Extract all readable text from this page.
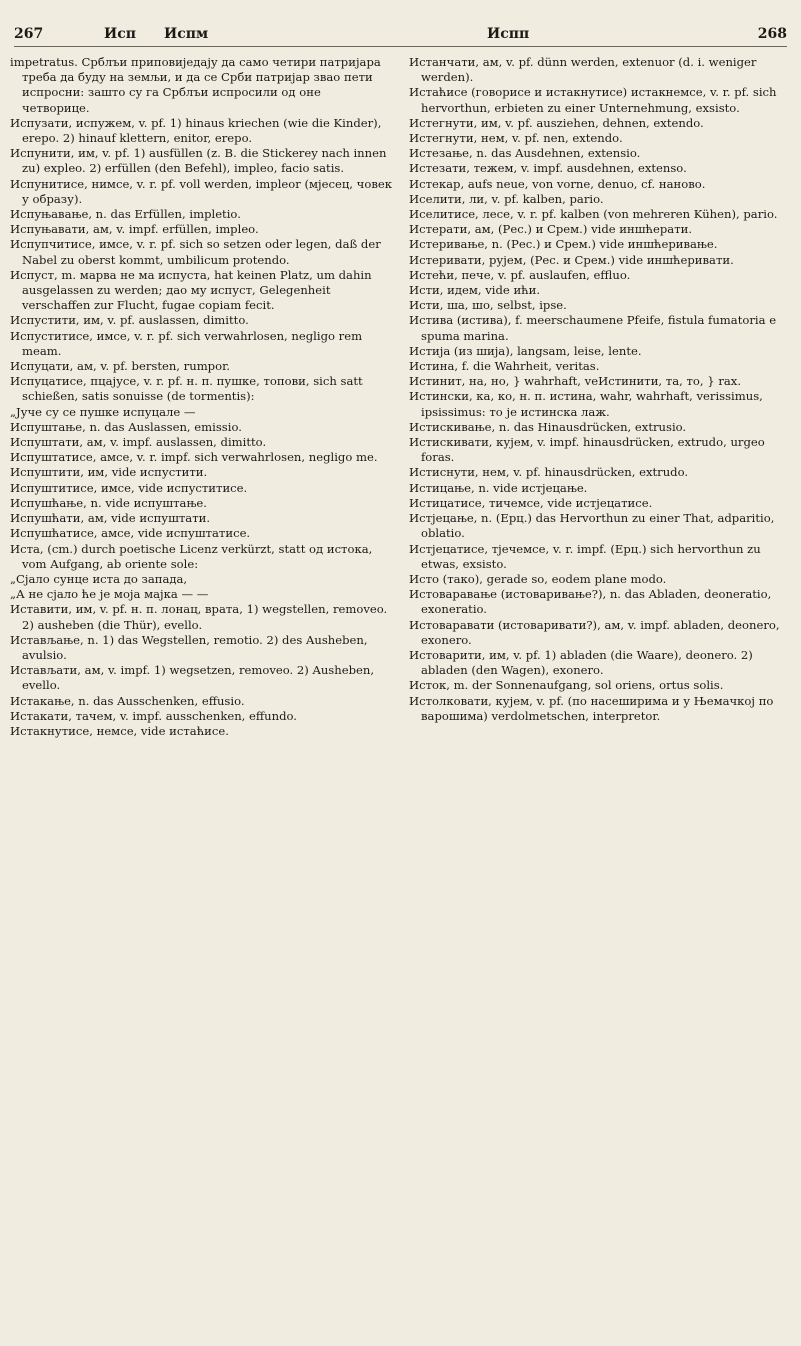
267	Исп Испм	Испп	268

impetratus. Срблъи припoвиједају да само четири патријара треба да буду на земљи, и да се Срби патријар звао пети испросни: зашто су га Срблъи испросили од оне четворице.

Испузати, испужем, v. pf. 1) hinaus kriechen (wie die Kinder), erepo. 2) hinauf klettern, enitor, erepo.

Испунити, им, v. pf. 1) ausfüllen (z. B. die Stickerey nach innen zu) expleo. 2) erfüllen (den Befehl), impleo, facio satis.

Испунитисе, нимсе, v. r. pf. voll werden, impleor (мјесец, човек у образу).

Испуњавање, n. das Erfüllen, impletio.

Испуњавати, ам, v. impf. erfüllen, impleo.

Испупчитисе, имсе, v. r. pf. sich so setzen oder legen, daß der Nabel zu oberst kommt, umbilicum protendo.

Испуст, m. марва не ма испуста, hat keinen Platz, um dahin ausgelassen zu werden; дао му испуст, Gelegenheit verschaffen zur Flucht, fugae copiam fecit.

Испустити, им, v. pf. auslassen, dimitto.

Испуститисе, имсе, v. r. pf. sich verwahrlosen, negligo rem meam.

Испуцати, ам, v. pf. bersten, rumpor.

Испуцатисе, пцајусе, v. r. pf. н. п. пушке, топови, sich satt schießen, satis sonuisse (de tormentis):

„Јуче су се пушке испуцале —

Испуштање, n. das Auslassen, emissio.

Испуштати, ам, v. impf. auslassen, dimitto.

Испуштатисе, амсе, v. r. impf. sich verwahrlosen, negligo me.

Испуштити, им, vide испустити.

Испуштитисе, имсе, vide испуститисе.

Испушћање, n. vide испуштање.

Испушћати, ам, vide испуштати.

Испушћатисе, амсе, vide испуштатисе.

Иста, (cm.) durch poetische Licenz verkürzt, statt од истока, vom Aufgang, ab oriente sole:

„Сјало сунце иста до запада,

„А не сјало ће је моја мајка — —

Иставити, им, v. pf. н. п. лонац, врата, 1) wegstellen, removeo. 2) ausheben (die Thür), evello.

Истављање, n. 1) das Wegstellen, remotio. 2) des Ausheben, avulsio.

Истављати, ам, v. impf. 1) wegsetzen, removeo. 2) Ausheben, evello.

Истакање, n. das Ausschenken, effusio.

Истакати, тачем, v. impf. ausschenken, effundo.

Истакнутисе, немсе, vide истаћисе.

Истанчати, ам, v. pf. dünn werden, extenuor (d. i. weniger werden).

Истаћисе (говорисе и истакнутисе) истакнемсе, v. r. pf. sich hervorthun, erbieten zu einer Unternehmung, exsisto.

Истегнути, им, v. pf. ausziehen, dehnen, extendo.

Истегнути, нем, v. pf. nen, extendo.

Истезање, n. das Ausdehnen, extensio.

Истезати, тежем, v. impf. ausdehnen, extenso.

Истекар, aufs neue, von vorne, denuo, cf. наново.

Иселити, ли, v. pf. kalben, pario.

Иселитисе, лесе, v. r. pf. kalben (von mehreren Kühen), pario.

Истерати, ам, (Рес.) и Срем.) vide иншћерати.

Истеривање, n. (Рес.) и Срем.) vide иншћеривање.

Истеривати, рујем, (Рес. и Срем.) vide иншћеривати.

Истећи, пече, v. pf. auslaufen, effluo.

Исти, идем, vide ићи.

Исти, ша, шо, selbst, ipse.

Истива (истива), f. meerschaumene Pfeife, fistula fumatoria e spuma marina.

Истија (из шија), langsam, leise, lente.

Истина, f. die Wahrheit, veritas.

Истинит, на, но, } wahrhaft, veИстинити, та, то, } rax.

Истински, ка, ко, н. п. истина, wahr, wahrhaft, verissimus, ipsissimus: то је истинска лаж.

Истискивање, n. das Hinausdrücken, extrusio.

Истискивати, кујем, v. impf. hinausdrücken, extrudo, urgeo foras.

Истиснути, нем, v. pf. hinausdrücken, extrudo.

Истицање, n. vide истјецање.

Истицатисе, тичемсе, vide истјецатисе.

Истјецање, n. (Ерц.) das Hervorthun zu einer That, adparitio, oblatio.

Истјецатисе, тјечемсе, v. r. impf. (Ерц.) sich hervorthun zu etwas, exsisto.

Исто (тако), gerade so, eodem plane modo.

Истоваравање (истоваривање?), n. das Abladen, deoneratio, exoneratio.

Истоваравати (истоваривати?), ам, v. impf. abladen, deonero, exonero.

Истоварити, им, v. pf. 1) abladen (die Waare), deonero. 2) abladen (den Wagen), exonero.

Исток, m. der Sonnenaufgang, sol oriens, ortus solis.

Истолковати, кујем, v. pf. (по насеширима и у Њемачкој по варошима) verdolmetschen, interpretor.
